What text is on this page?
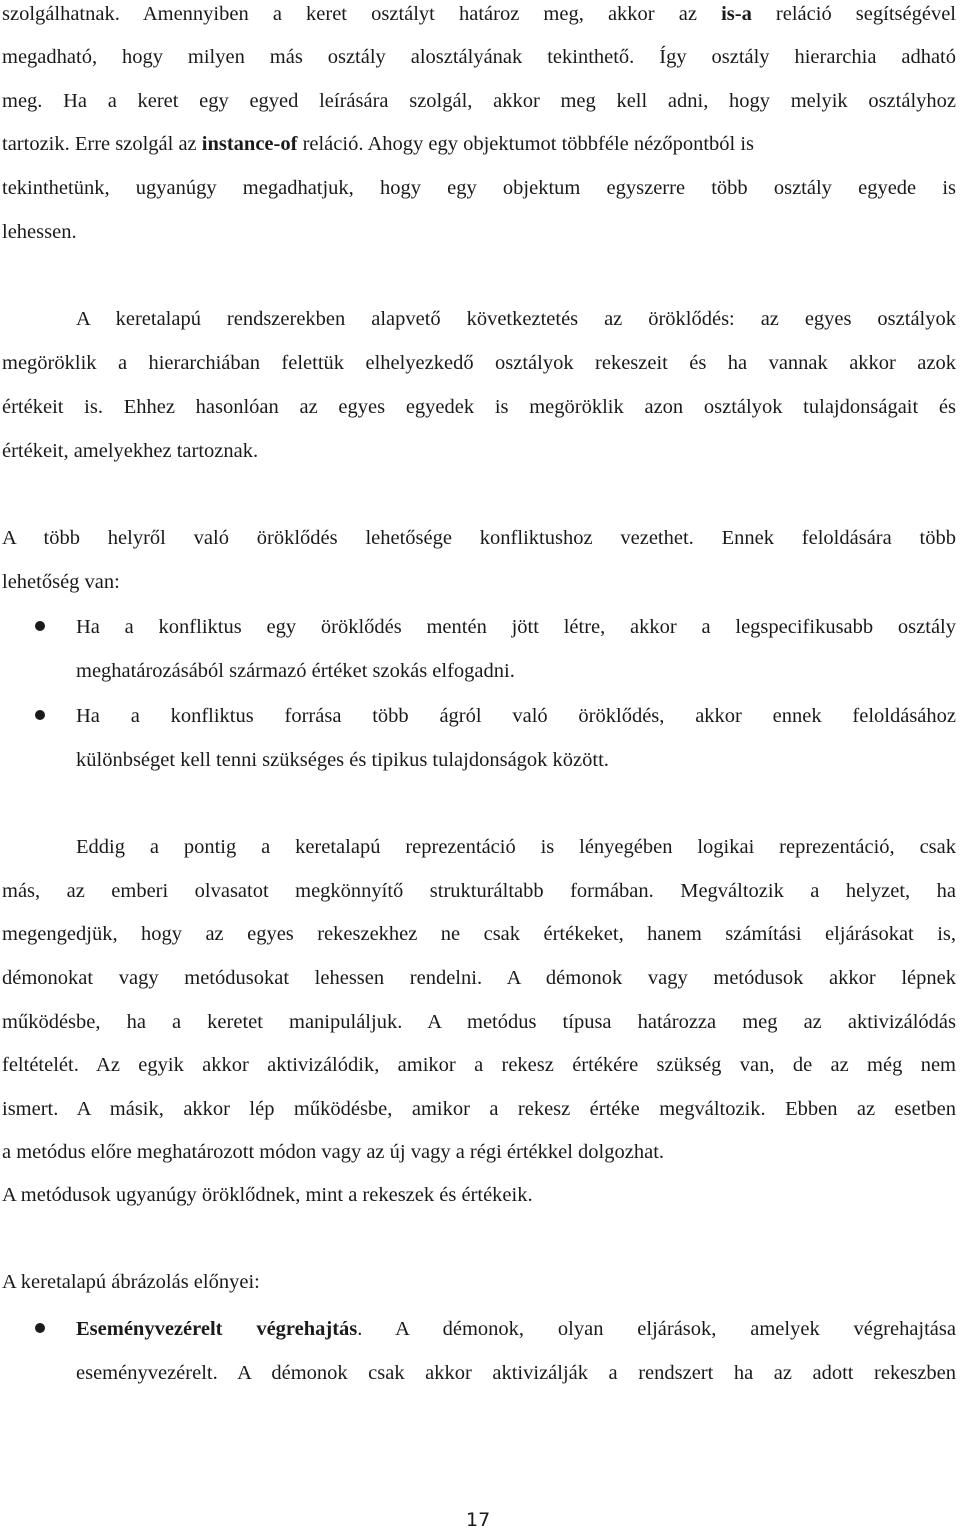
szolgálhatnak. Amennyiben a keret osztályt határoz meg, akkor az is-a reláció segítségével
megadható, hogy milyen más osztály alosztályának tekinthető. Így osztály hierarchia adható
meg. Ha a keret egy egyed leírására szolgál, akkor meg kell adni, hogy melyik osztályhoz
tartozik. Erre szolgál az instance-of reláció. Ahogy egy objektumot többféle nézőpontból is
tekinthetünk, ugyanúgy megadhatjuk, hogy egy objektum egyszerre több osztály egyede is
lehessen.
A keretalapú rendszerekben alapvető következtetés az öröklődés: az egyes osztályok
megöröklik a hierarchiában felettük elhelyezkedő osztályok rekeszeit és ha vannak akkor azok
értékeit is. Ehhez hasonlóan az egyes egyedek is megöröklik azon osztályok tulajdonságait és
értékeit, amelyekhez tartoznak.
A több helyről való öröklődés lehetősége konfliktushoz vezethet. Ennek feloldására több
lehetőség van:
Ha a konfliktus egy öröklődés mentén jött létre, akkor a legspecifikusabb osztály
meghatározásából származó értéket szokás elfogadni.
Ha a konfliktus forrása több ágról való öröklődés, akkor ennek feloldásához
különbséget kell tenni szükséges és tipikus tulajdonságok között.
Eddig a pontig a keretalapú reprezentáció is lényegében logikai reprezentáció, csak
más, az emberi olvasatot megkönnyítő strukturáltabb formában. Megváltozik a helyzet, ha
megengedjük, hogy az egyes rekeszekhez ne csak értékeket, hanem számítási eljárásokat is,
démonokat vagy metódusokat lehessen rendelni. A démonok vagy metódusok akkor lépnek
működésbe, ha a keretet manipuláljuk. A metódus típusa határozza meg az aktivizálódás
feltételét. Az egyik akkor aktivizálódik, amikor a rekesz értékére szükség van, de az még nem
ismert. A másik, akkor lép működésbe, amikor a rekesz értéke megváltozik. Ebben az esetben
a metódus előre meghatározott módon vagy az új vagy a régi értékkel dolgozhat.
A metódusok ugyanúgy öröklődnek, mint a rekeszek és értékeik.
A keretalapú ábrázolás előnyei:
Eseményvezérelt végrehajtás. A démonok, olyan eljárások, amelyek végrehajtása
eseményvezérelt. A démonok csak akkor aktivizálják a rendszert ha az adott rekeszben
17
